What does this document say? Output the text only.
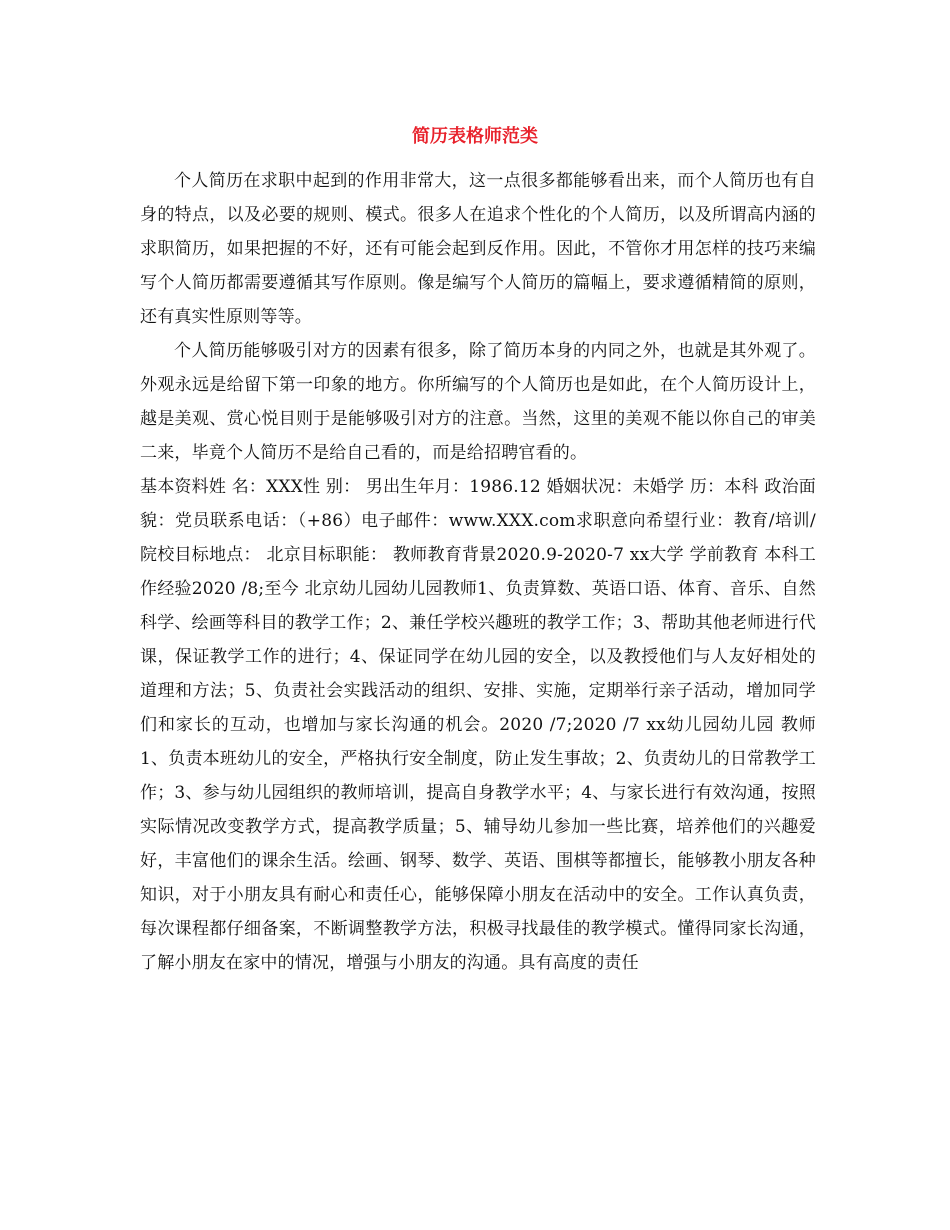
简历表格师范类

个人简历在求职中起到的作用非常大，这一点很多都能够看出来，而个人简历也有自身的特点，以及必要的规则、模式。很多人在追求个性化的个人简历，以及所谓高内涵的求职简历，如果把握的不好，还有可能会起到反作用。因此，不管你才用怎样的技巧来编写个人简历都需要遵循其写作原则。像是编写个人简历的篇幅上，要求遵循精简的原则，还有真实性原则等等。

个人简历能够吸引对方的因素有很多，除了简历本身的内同之外，也就是其外观了。外观永远是给留下第一印象的地方。你所编写的个人简历也是如此，在个人简历设计上，越是美观、赏心悦目则于是能够吸引对方的注意。当然，这里的美观不能以你自己的审美二来，毕竟个人简历不是给自己看的，而是给招聘官看的。

基本资料姓 名：XXX性 别： 男出生年月：1986.12 婚姻状况：未婚学 历：本科 政治面貌：党员联系电话：（+86）电子邮件：www.XXX.com求职意向希望行业：教育/培训/院校目标地点： 北京目标职能： 教师教育背景2020.9-2020-7 xx大学 学前教育 本科工作经验2020 /8;至今 北京幼儿园幼儿园教师1、负责算数、英语口语、体育、音乐、自然科学、绘画等科目的教学工作；2、兼任学校兴趣班的教学工作；3、帮助其他老师进行代课，保证教学工作的进行；4、保证同学在幼儿园的安全，以及教授他们与人友好相处的道理和方法；5、负责社会实践活动的组织、安排、实施，定期举行亲子活动，增加同学们和家长的互动，也增加与家长沟通的机会。2020 /7;2020 /7 xx幼儿园幼儿园 教师1、负责本班幼儿的安全，严格执行安全制度，防止发生事故；2、负责幼儿的日常教学工作；3、参与幼儿园组织的教师培训，提高自身教学水平；4、与家长进行有效沟通，按照实际情况改变教学方式，提高教学质量；5、辅导幼儿参加一些比赛，培养他们的兴趣爱好，丰富他们的课余生活。绘画、钢琴、数学、英语、围棋等都擅长，能够教小朋友各种知识，对于小朋友具有耐心和责任心，能够保障小朋友在活动中的安全。工作认真负责，每次课程都仔细备案，不断调整教学方法，积极寻找最佳的教学模式。懂得同家长沟通，了解小朋友在家中的情况，增强与小朋友的沟通。具有高度的责任
